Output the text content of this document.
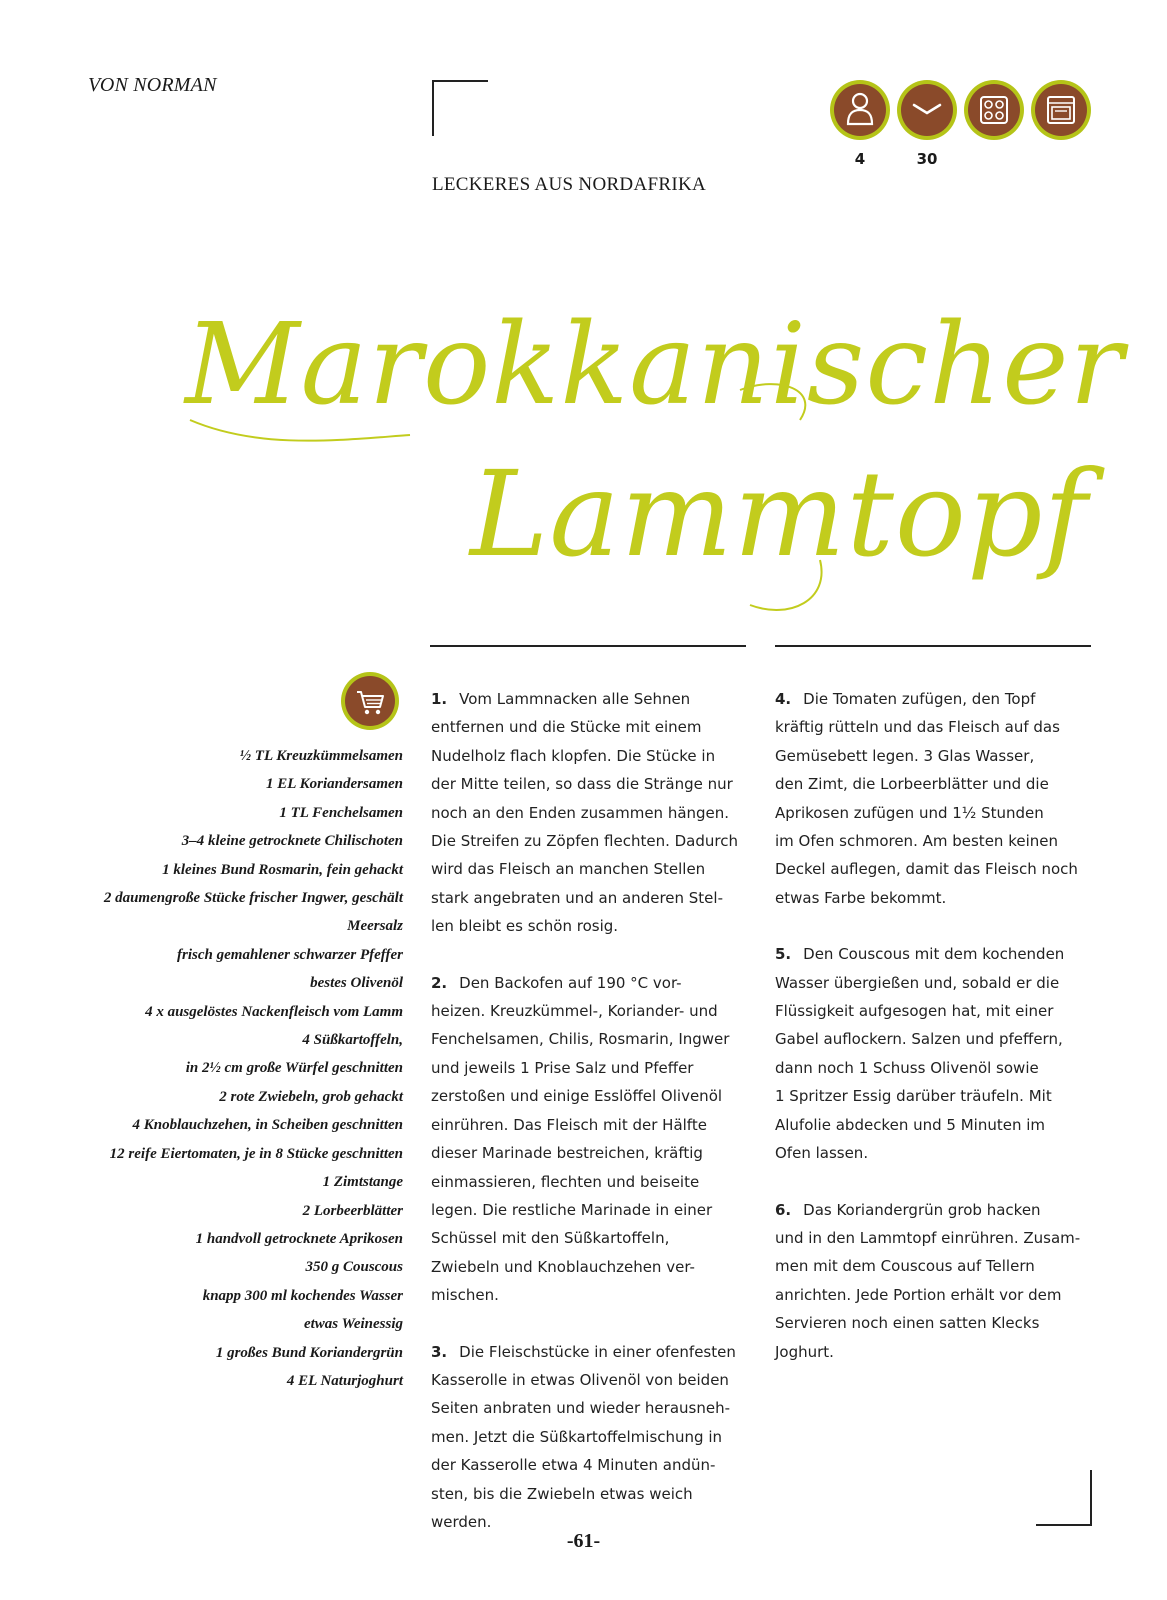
VON NORMAN
LECKERES AUS NORDAFRIKA
4	30
Marokkanischer
Lammtopf
½ TL Kreuzkümmelsamen
1 EL Koriandersamen
1 TL Fenchelsamen
3–4 kleine getrocknete Chilischoten
1 kleines Bund Rosmarin, fein gehackt
2 daumengroße Stücke frischer Ingwer, geschält
Meersalz
frisch gemahlener schwarzer Pfeffer
bestes Olivenöl
4 x ausgelöstes Nackenfleisch vom Lamm
4 Süßkartoffeln,
in 2½ cm große Würfel geschnitten
2 rote Zwiebeln, grob gehackt
4 Knoblauchzehen, in Scheiben geschnitten
12 reife Eiertomaten, je in 8 Stücke geschnitten
1 Zimtstange
2 Lorbeerblätter
1 handvoll getrocknete Aprikosen
350 g Couscous
knapp 300 ml kochendes Wasser
etwas Weinessig
1 großes Bund Koriandergrün
4 EL Naturjoghurt
1. Vom Lammnacken alle Sehnen
entfernen und die Stücke mit einem
Nudelholz flach klopfen. Die Stücke in
der Mitte teilen, so dass die Stränge nur
noch an den Enden zusammen hängen.
Die Streifen zu Zöpfen flechten. Dadurch
wird das Fleisch an manchen Stellen
stark angebraten und an anderen Stel-
len bleibt es schön rosig.
2. Den Backofen auf 190 °C vor-
heizen. Kreuzkümmel-, Koriander- und
Fenchelsamen, Chilis, Rosmarin, Ingwer
und jeweils 1 Prise Salz und Pfeffer
zerstoßen und einige Esslöffel Olivenöl
einrühren. Das Fleisch mit der Hälfte
dieser Marinade bestreichen, kräftig
einmassieren, flechten und beiseite
legen. Die restliche Marinade in einer
Schüssel mit den Süßkartoffeln,
Zwiebeln und Knoblauchzehen ver-
mischen.
3. Die Fleischstücke in einer ofenfesten
Kasserolle in etwas Olivenöl von beiden
Seiten anbraten und wieder herausneh-
men. Jetzt die Süßkartoffelmischung in
der Kasserolle etwa 4 Minuten andün-
sten, bis die Zwiebeln etwas weich werden.
4. Die Tomaten zufügen, den Topf
kräftig rütteln und das Fleisch auf das
Gemüsebett legen. 3 Glas Wasser,
den Zimt, die Lorbeerblätter und die
Aprikosen zufügen und 1½ Stunden
im Ofen schmoren. Am besten keinen
Deckel auflegen, damit das Fleisch noch
etwas Farbe bekommt.
5. Den Couscous mit dem kochenden
Wasser übergießen und, sobald er die
Flüssigkeit aufgesogen hat, mit einer
Gabel auflockern. Salzen und pfeffern,
dann noch 1 Schuss Olivenöl sowie
1 Spritzer Essig darüber träufeln. Mit
Alufolie abdecken und 5 Minuten im
Ofen lassen.
6. Das Koriandergrün grob hacken
und in den Lammtopf einrühren. Zusam-
men mit dem Couscous auf Tellern
anrichten. Jede Portion erhält vor dem
Servieren noch einen satten Klecks
Joghurt.
-61-
